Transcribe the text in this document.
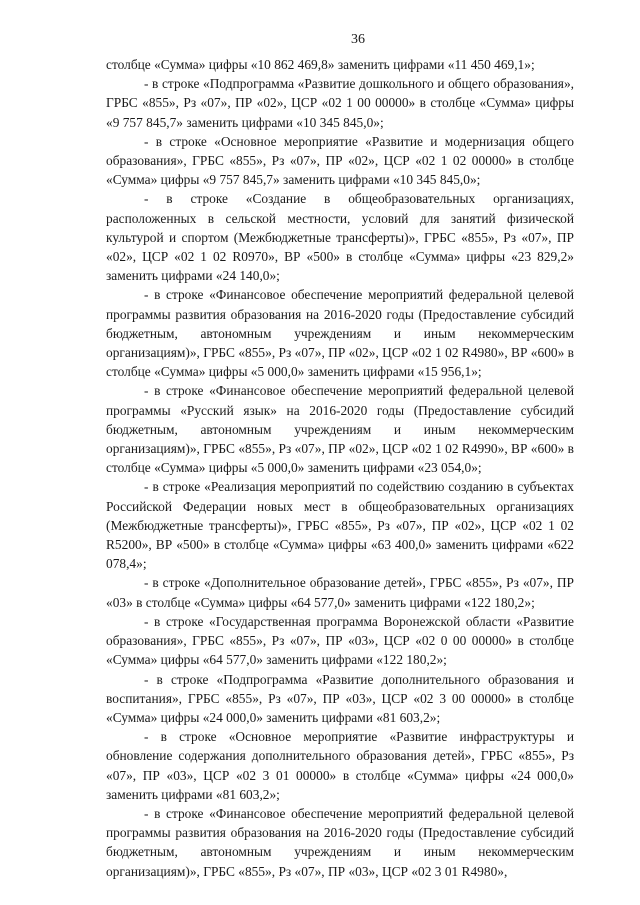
36

столбце «Сумма» цифры «10 862 469,8» заменить цифрами «11 450 469,1»;

- в строке «Подпрограмма «Развитие дошкольного и общего образования», ГРБС «855», Рз «07», ПР «02», ЦСР «02 1 00 00000» в столбце «Сумма» цифры «9 757 845,7» заменить цифрами «10 345 845,0»;

- в строке «Основное мероприятие «Развитие и модернизация общего образования», ГРБС «855», Рз «07», ПР «02», ЦСР «02 1 02 00000» в столбце «Сумма» цифры «9 757 845,7» заменить цифрами «10 345 845,0»;

- в строке «Создание в общеобразовательных организациях, расположенных в сельской местности, условий для занятий физической культурой и спортом (Межбюджетные трансферты)», ГРБС «855», Рз «07», ПР «02», ЦСР «02 1 02 R0970», ВР «500» в столбце «Сумма» цифры «23 829,2» заменить цифрами «24 140,0»;

- в строке «Финансовое обеспечение мероприятий федеральной целевой программы развития образования на 2016-2020 годы (Предоставление субсидий бюджетным, автономным учреждениям и иным некоммерческим организациям)», ГРБС «855», Рз «07», ПР «02», ЦСР «02 1 02 R4980», ВР «600» в столбце «Сумма» цифры «5 000,0» заменить цифрами «15 956,1»;

- в строке «Финансовое обеспечение мероприятий федеральной целевой программы «Русский язык» на 2016-2020 годы (Предоставление субсидий бюджетным, автономным учреждениям и иным некоммерческим организациям)», ГРБС «855», Рз «07», ПР «02», ЦСР «02 1 02 R4990», ВР «600» в столбце «Сумма» цифры «5 000,0» заменить цифрами «23 054,0»;

- в строке «Реализация мероприятий по содействию созданию в субъектах Российской Федерации новых мест в общеобразовательных организациях (Межбюджетные трансферты)», ГРБС «855», Рз «07», ПР «02», ЦСР «02 1 02 R5200», ВР «500» в столбце «Сумма» цифры «63 400,0» заменить цифрами «622 078,4»;

- в строке «Дополнительное образование детей», ГРБС «855», Рз «07», ПР «03» в столбце «Сумма» цифры «64 577,0» заменить цифрами «122 180,2»;

- в строке «Государственная программа Воронежской области «Развитие образования», ГРБС «855», Рз «07», ПР «03», ЦСР «02 0 00 00000» в столбце «Сумма» цифры «64 577,0» заменить цифрами «122 180,2»;

- в строке «Подпрограмма «Развитие дополнительного образования и воспитания», ГРБС «855», Рз «07», ПР «03», ЦСР «02 3 00 00000» в столбце «Сумма» цифры «24 000,0» заменить цифрами «81 603,2»;

- в строке «Основное мероприятие «Развитие инфраструктуры и обновление содержания дополнительного образования детей», ГРБС «855», Рз «07», ПР «03», ЦСР «02 3 01 00000» в столбце «Сумма» цифры «24 000,0» заменить цифрами «81 603,2»;

- в строке «Финансовое обеспечение мероприятий федеральной целевой программы развития образования на 2016-2020 годы (Предоставление субсидий бюджетным, автономным учреждениям и иным некоммерческим организациям)», ГРБС «855», Рз «07», ПР «03», ЦСР «02 3 01 R4980»,
